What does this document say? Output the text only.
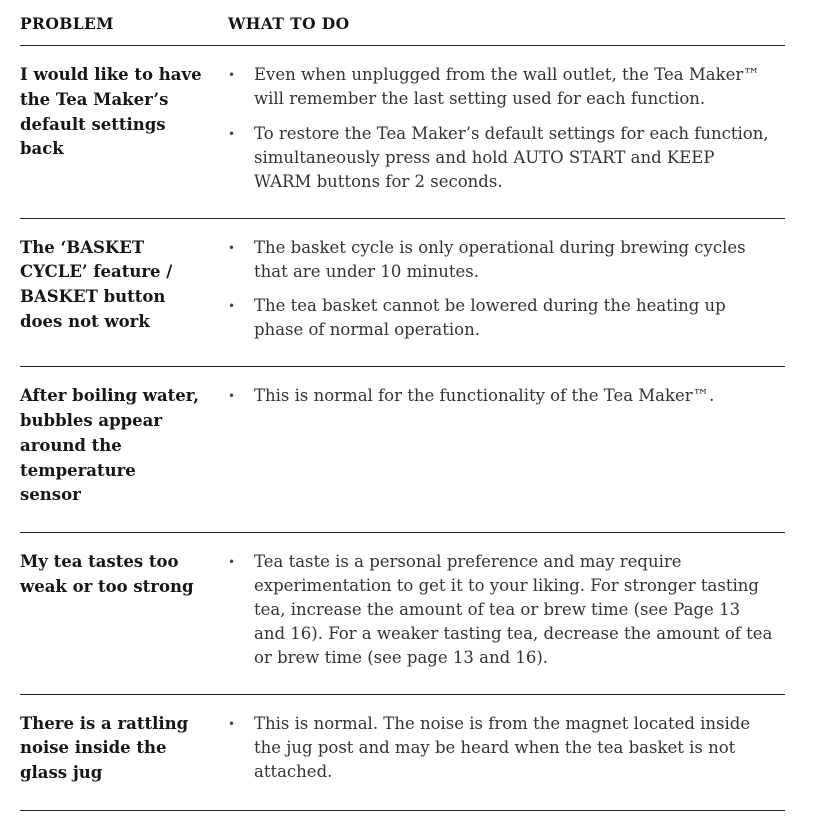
PROBLEM	WHAT TO DO
I would like to have the Tea Maker’s default settings back
•	Even when unplugged from the wall outlet, the Tea Maker™ will remember the last setting used for each function.
•	To restore the Tea Maker’s default settings for each function, simultaneously press and hold AUTO START and KEEP WARM buttons for 2 seconds.
The ‘BASKET CYCLE’ feature / BASKET button does not work
•	The basket cycle is only operational during brewing cycles that are under 10 minutes.
•	The tea basket cannot be lowered during the heating up phase of normal operation.
After boiling water, bubbles appear around the temperature sensor
•	This is normal for the functionality of the Tea Maker™.
My tea tastes too weak or too strong
•	Tea taste is a personal preference and may require experimentation to get it to your liking. For stronger tasting tea, increase the amount of tea or brew time (see Page 13 and 16). For a weaker tasting tea, decrease the amount of tea or brew time (see page 13 and 16).
There is a rattling noise inside the glass jug
•	This is normal. The noise is from the magnet located inside the jug post and may be heard when the tea basket is not attached.
